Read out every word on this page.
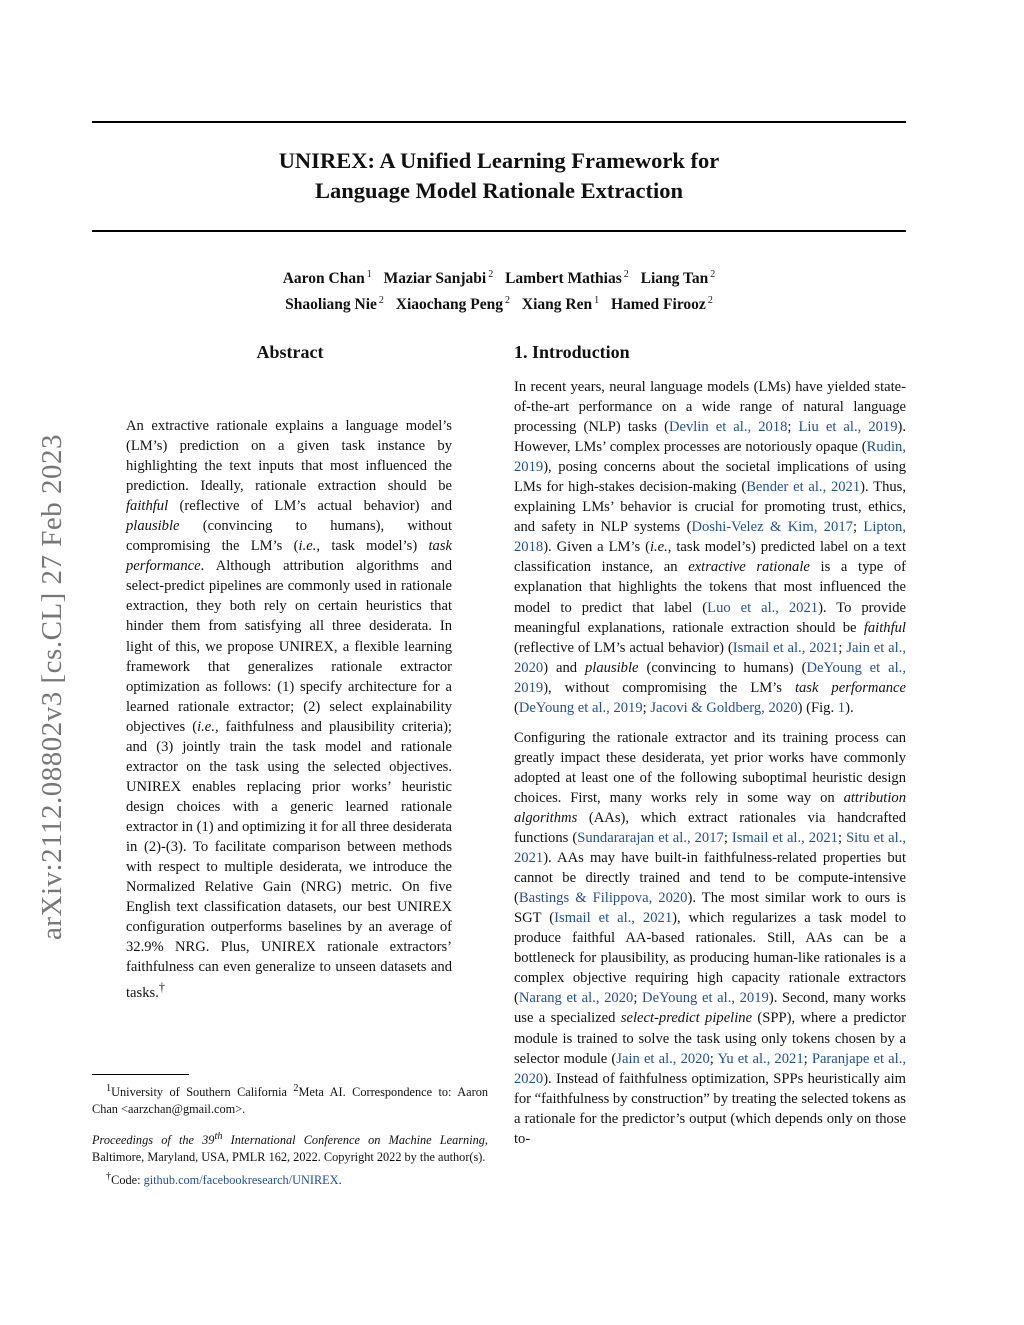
arXiv:2112.08802v3 [cs.CL] 27 Feb 2023
UNIREX: A Unified Learning Framework for
Language Model Rationale Extraction
Aaron Chan $^1$ Maziar Sanjabi $^2$ Lambert Mathias $^2$ Liang Tan $^2$
Shaoliang Nie $^2$ Xiaochang Peng $^2$ Xiang Ren $^1$ Hamed Firooz $^2$
Abstract
An extractive rationale explains a language model’s (LM’s) prediction on a given task instance by highlighting the text inputs that most influenced the prediction. Ideally, rationale extraction should be faithful (reflective of LM’s actual behavior) and plausible (convincing to humans), without compromising the LM’s (i.e., task model’s) task performance. Although attribution algorithms and select-predict pipelines are commonly used in rationale extraction, they both rely on certain heuristics that hinder them from satisfying all three desiderata. In light of this, we propose UNIREX, a flexible learning framework that generalizes rationale extractor optimization as follows: (1) specify architecture for a learned rationale extractor; (2) select explainability objectives (i.e., faithfulness and plausibility criteria); and (3) jointly train the task model and rationale extractor on the task using the selected objectives. UNIREX enables replacing prior works’ heuristic design choices with a generic learned rationale extractor in (1) and optimizing it for all three desiderata in (2)-(3). To facilitate comparison between methods with respect to multiple desiderata, we introduce the Normalized Relative Gain (NRG) metric. On five English text classification datasets, our best UNIREX configuration outperforms baselines by an average of 32.9% NRG. Plus, UNIREX rationale extractors’ faithfulness can even generalize to unseen datasets and tasks.†

$^1$University of Southern California $^2$Meta AI. Correspondence to: Aaron Chan <aarzchan@gmail.com>.

Proceedings of the 39th International Conference on Machine Learning, Baltimore, Maryland, USA, PMLR 162, 2022. Copyright 2022 by the author(s).

†Code: github.com/facebookresearch/UNIREX.

1. Introduction

In recent years, neural language models (LMs) have yielded state-of-the-art performance on a wide range of natural language processing (NLP) tasks (Devlin et al., 2018; Liu et al., 2019). However, LMs’ complex processes are notoriously opaque (Rudin, 2019), posing concerns about the societal implications of using LMs for high-stakes decision-making (Bender et al., 2021). Thus, explaining LMs’ behavior is crucial for promoting trust, ethics, and safety in NLP systems (Doshi-Velez & Kim, 2017; Lipton, 2018). Given a LM’s (i.e., task model’s) predicted label on a text classification instance, an extractive rationale is a type of explanation that highlights the tokens that most influenced the model to predict that label (Luo et al., 2021). To provide meaningful explanations, rationale extraction should be faithful (reflective of LM’s actual behavior) (Ismail et al., 2021; Jain et al., 2020) and plausible (convincing to humans) (DeYoung et al., 2019), without compromising the LM’s task performance (DeYoung et al., 2019; Jacovi & Goldberg, 2020) (Fig. 1).

Configuring the rationale extractor and its training process can greatly impact these desiderata, yet prior works have commonly adopted at least one of the following suboptimal heuristic design choices. First, many works rely in some way on attribution algorithms (AAs), which extract rationales via handcrafted functions (Sundararajan et al., 2017; Ismail et al., 2021; Situ et al., 2021). AAs may have built-in faithfulness-related properties but cannot be directly trained and tend to be compute-intensive (Bastings & Filippova, 2020). The most similar work to ours is SGT (Ismail et al., 2021), which regularizes a task model to produce faithful AA-based rationales. Still, AAs can be a bottleneck for plausibility, as producing human-like rationales is a complex objective requiring high capacity rationale extractors (Narang et al., 2020; DeYoung et al., 2019). Second, many works use a specialized select-predict pipeline (SPP), where a predictor module is trained to solve the task using only tokens chosen by a selector module (Jain et al., 2020; Yu et al., 2021; Paranjape et al., 2020). Instead of faithfulness optimization, SPPs heuristically aim for “faithfulness by construction” by treating the selected tokens as a rationale for the predictor’s output (which depends only on those to-
